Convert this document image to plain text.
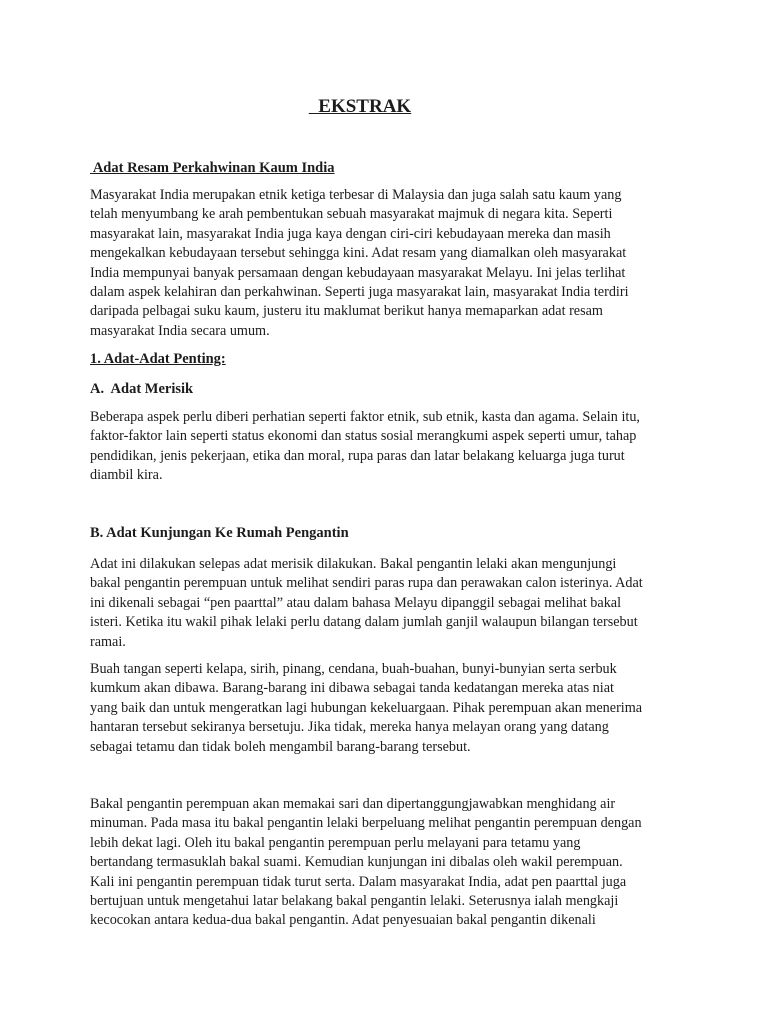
EKSTRAK
Adat Resam Perkahwinan Kaum India
Masyarakat India merupakan etnik ketiga terbesar di Malaysia dan juga salah satu kaum yang
telah menyumbang ke arah pembentukan sebuah masyarakat majmuk di negara kita. Seperti
masyarakat lain, masyarakat India juga kaya dengan ciri-ciri kebudayaan mereka dan masih
mengekalkan kebudayaan tersebut sehingga kini. Adat resam yang diamalkan oleh masyarakat
India mempunyai banyak persamaan dengan kebudayaan masyarakat Melayu. Ini jelas terlihat
dalam aspek kelahiran dan perkahwinan. Seperti juga masyarakat lain, masyarakat India terdiri
daripada pelbagai suku kaum, justeru itu maklumat berikut hanya memaparkan adat resam
masyarakat India secara umum.
1. Adat-Adat Penting:
A.  Adat Merisik
Beberapa aspek perlu diberi perhatian seperti faktor etnik, sub etnik, kasta dan agama. Selain itu,
faktor-faktor lain seperti status ekonomi dan status sosial merangkumi aspek seperti umur, tahap
pendidikan, jenis pekerjaan, etika dan moral, rupa paras dan latar belakang keluarga juga turut
diambil kira.
B. Adat Kunjungan Ke Rumah Pengantin
Adat ini dilakukan selepas adat merisik dilakukan. Bakal pengantin lelaki akan mengunjungi
bakal pengantin perempuan untuk melihat sendiri paras rupa dan perawakan calon isterinya. Adat
ini dikenali sebagai “pen paarttal” atau dalam bahasa Melayu dipanggil sebagai melihat bakal
isteri. Ketika itu wakil pihak lelaki perlu datang dalam jumlah ganjil walaupun bilangan tersebut
ramai.
Buah tangan seperti kelapa, sirih, pinang, cendana, buah-buahan, bunyi-bunyian serta serbuk
kumkum akan dibawa. Barang-barang ini dibawa sebagai tanda kedatangan mereka atas niat
yang baik dan untuk mengeratkan lagi hubungan kekeluargaan. Pihak perempuan akan menerima
hantaran tersebut sekiranya bersetuju. Jika tidak, mereka hanya melayan orang yang datang
sebagai tetamu dan tidak boleh mengambil barang-barang tersebut.
Bakal pengantin perempuan akan memakai sari dan dipertanggungjawabkan menghidang air
minuman. Pada masa itu bakal pengantin lelaki berpeluang melihat pengantin perempuan dengan
lebih dekat lagi. Oleh itu bakal pengantin perempuan perlu melayani para tetamu yang
bertandang termasuklah bakal suami. Kemudian kunjungan ini dibalas oleh wakil perempuan.
Kali ini pengantin perempuan tidak turut serta. Dalam masyarakat India, adat pen paarttal juga
bertujuan untuk mengetahui latar belakang bakal pengantin lelaki. Seterusnya ialah mengkaji
kecocokan antara kedua-dua bakal pengantin. Adat penyesuaian bakal pengantin dikenali
